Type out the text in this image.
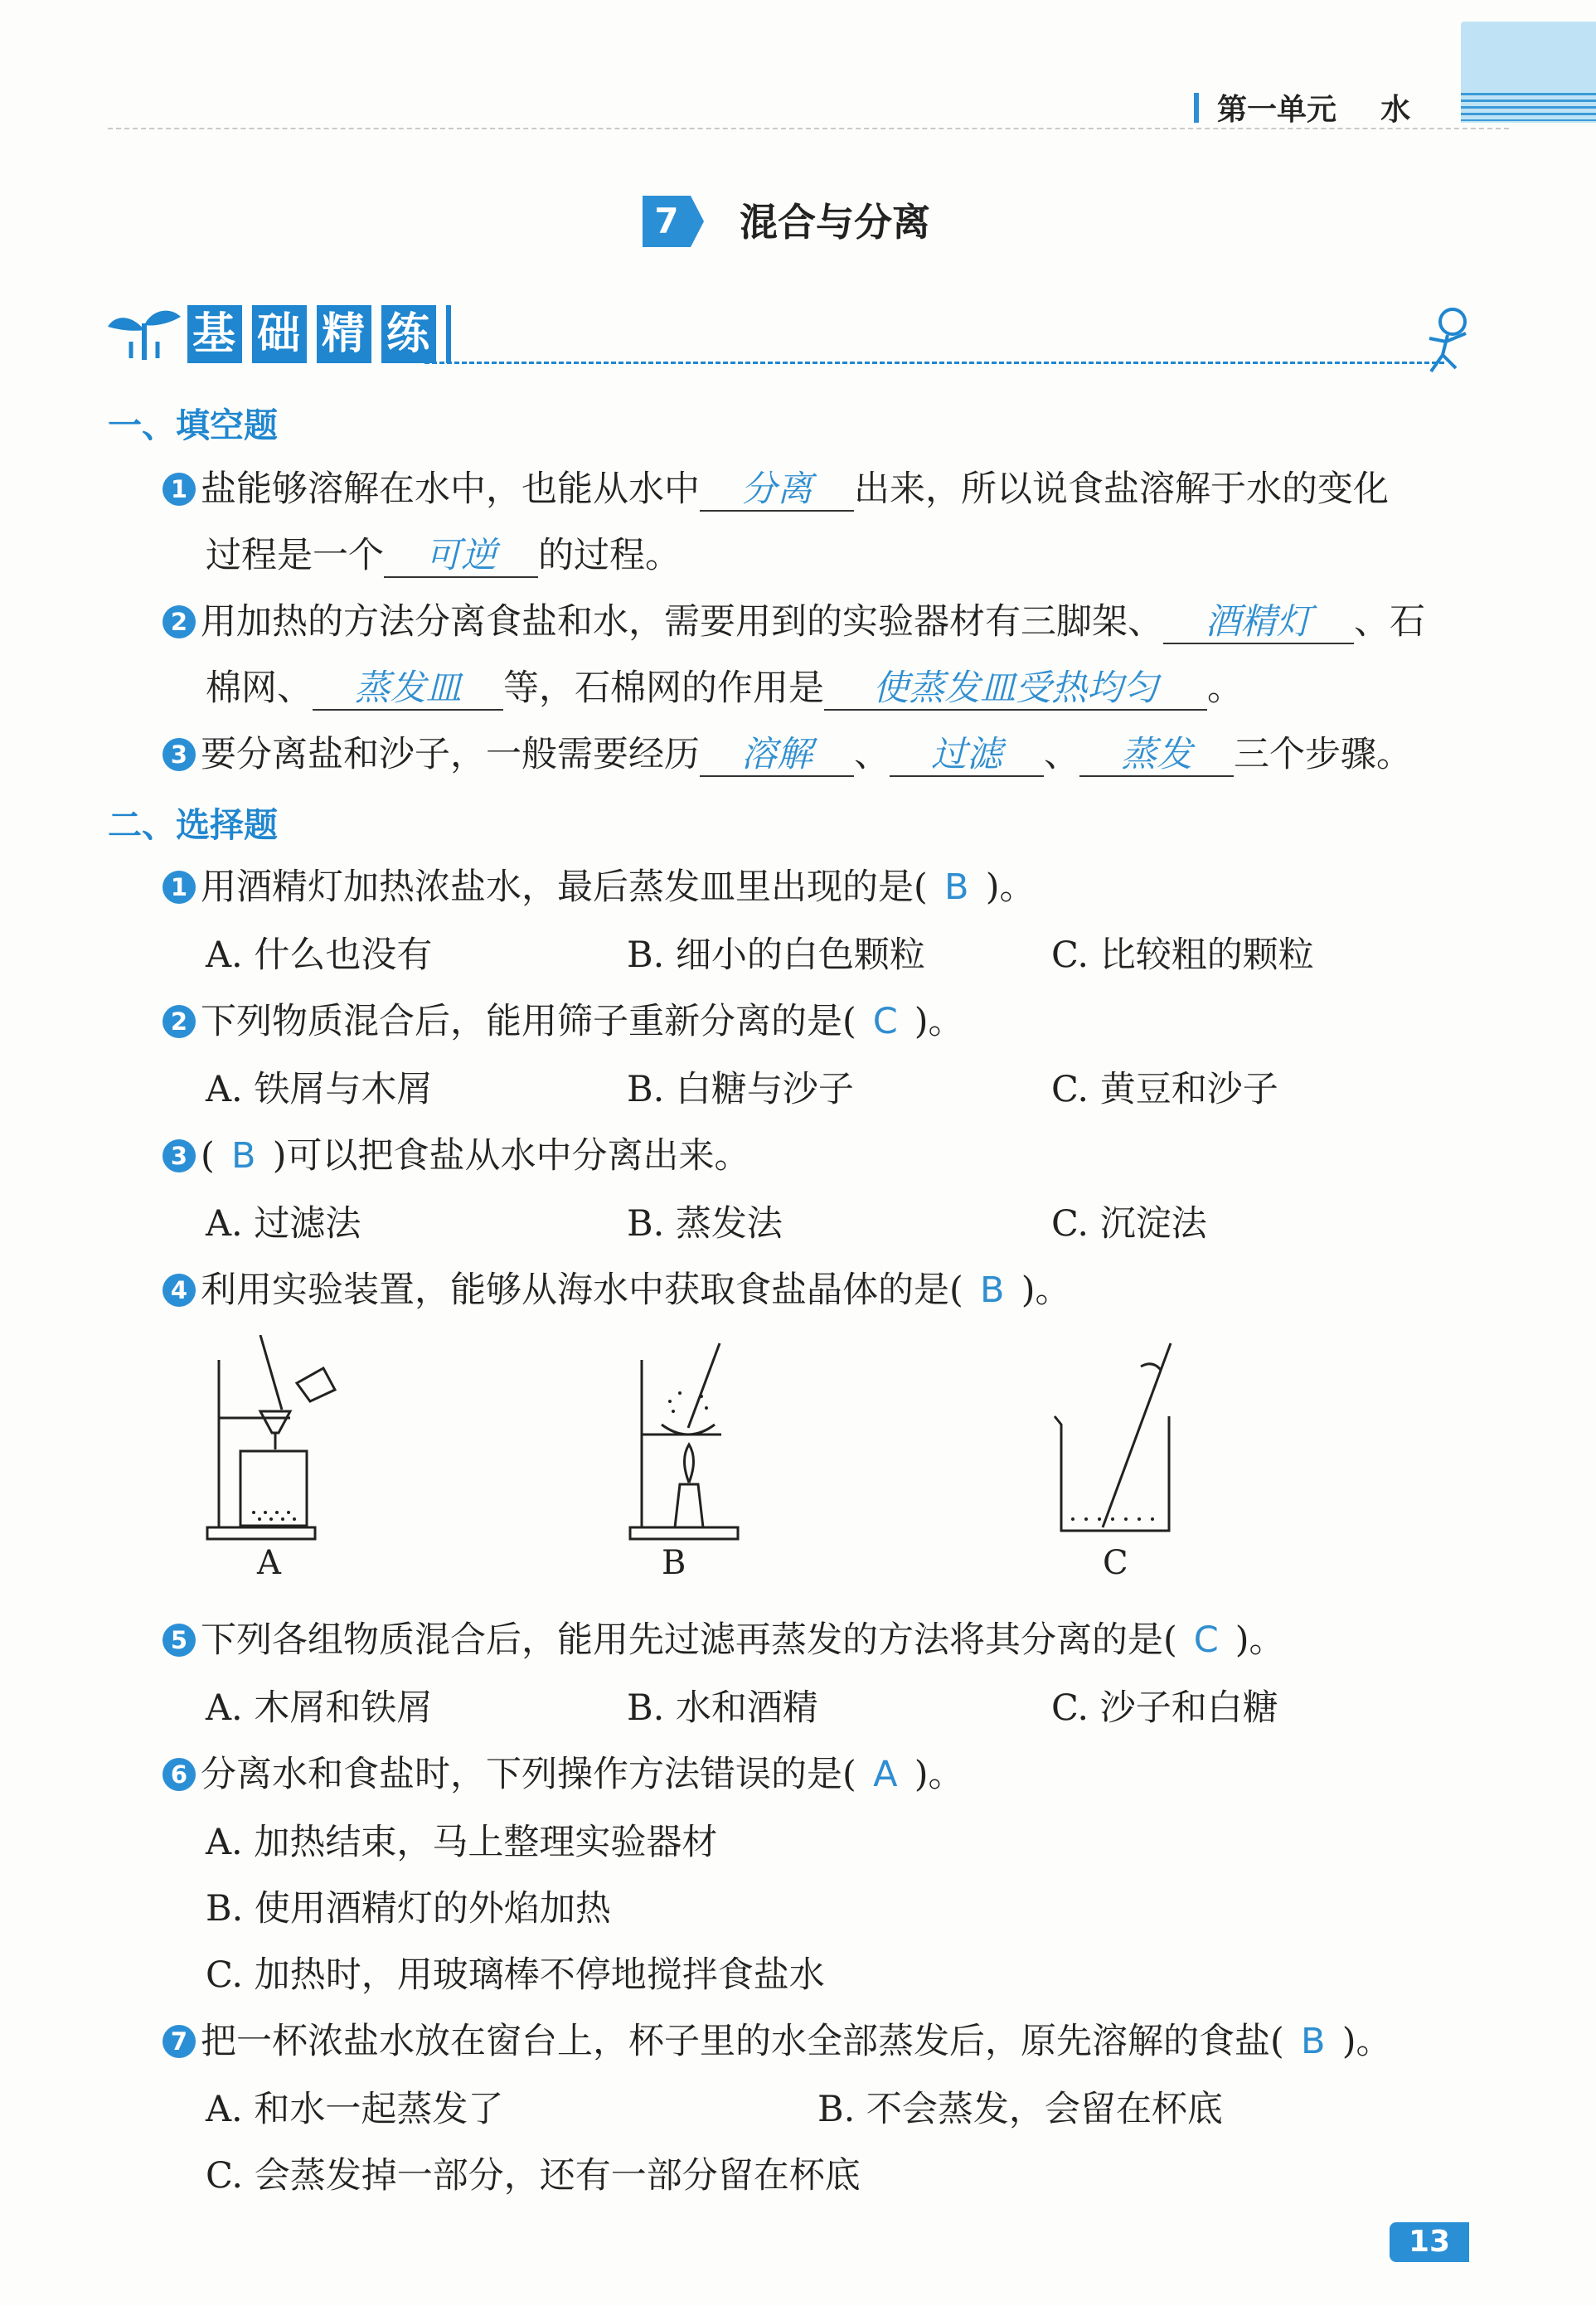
第一单元 水
7	混合与分离
基础精练
一、填空题
1 盐能够溶解在水中，也能从水中 分离 出来，所以说食盐溶解于水的变化
过程是一个 可逆 的过程。
2 用加热的方法分离食盐和水，需要用到的实验器材有三脚架、 酒精灯 、石
棉网、 蒸发皿 等，石棉网的作用是 使蒸发皿受热均匀 。
3 要分离盐和沙子，一般需要经历 溶解 、 过滤 、 蒸发 三个步骤。
二、选择题
1 用酒精灯加热浓盐水，最后蒸发皿里出现的是( B )。
A. 什么也没有	B. 细小的白色颗粒	C. 比较粗的颗粒
2 下列物质混合后，能用筛子重新分离的是( C )。
A. 铁屑与木屑	B. 白糖与沙子	C. 黄豆和沙子
3 ( B )可以把食盐从水中分离出来。
A. 过滤法	B. 蒸发法	C. 沉淀法
4 利用实验装置，能够从海水中获取食盐晶体的是( B )。
A	B	C
5 下列各组物质混合后，能用先过滤再蒸发的方法将其分离的是( C )。
A. 木屑和铁屑	B. 水和酒精	C. 沙子和白糖
6 分离水和食盐时，下列操作方法错误的是( A )。
A. 加热结束，马上整理实验器材
B. 使用酒精灯的外焰加热
C. 加热时，用玻璃棒不停地搅拌食盐水
7 把一杯浓盐水放在窗台上，杯子里的水全部蒸发后，原先溶解的食盐( B )。
A. 和水一起蒸发了	B. 不会蒸发，会留在杯底
C. 会蒸发掉一部分，还有一部分留在杯底
13
